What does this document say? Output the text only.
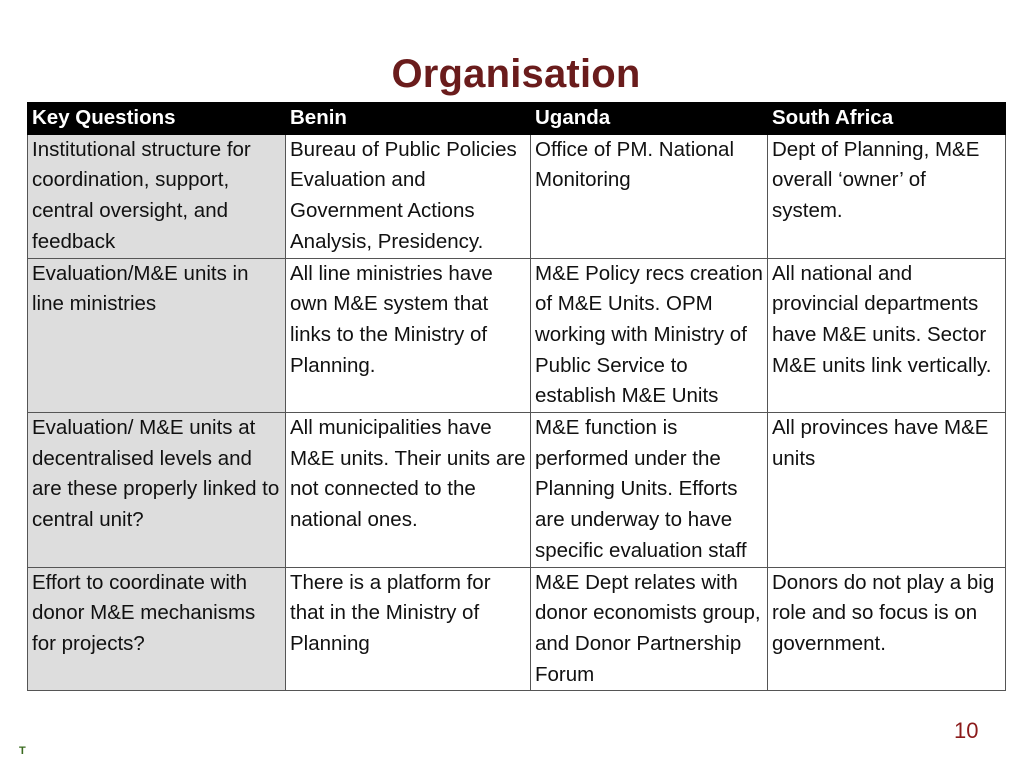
Organisation
Key Questions	Benin	Uganda	South Africa
Institutional structure for coordination, support, central oversight, and feedback	Bureau of Public Policies Evaluation and Government Actions Analysis, Presidency.	Office of PM. National Monitoring	Dept of Planning, M&E overall ‘owner’ of system.
Evaluation/M&E units in line ministries	All line ministries have own M&E system that links to the Ministry of Planning.	M&E Policy recs creation of M&E Units. OPM working with Ministry of Public Service to establish M&E Units	All national and provincial departments have M&E units. Sector M&E units link vertically.
Evaluation/ M&E units at decentralised levels and are these properly linked to central unit?	All municipalities have M&E units. Their units are not connected to the national ones.	M&E function is performed under the Planning Units. Efforts are underway to have specific evaluation staff	All provinces have M&E units
Effort to coordinate with donor M&E mechanisms for projects?	There is a platform for that in the Ministry of Planning	M&E Dept relates with donor economists group, and Donor Partnership Forum	Donors do not play a big role and so focus is on government.
10
T
